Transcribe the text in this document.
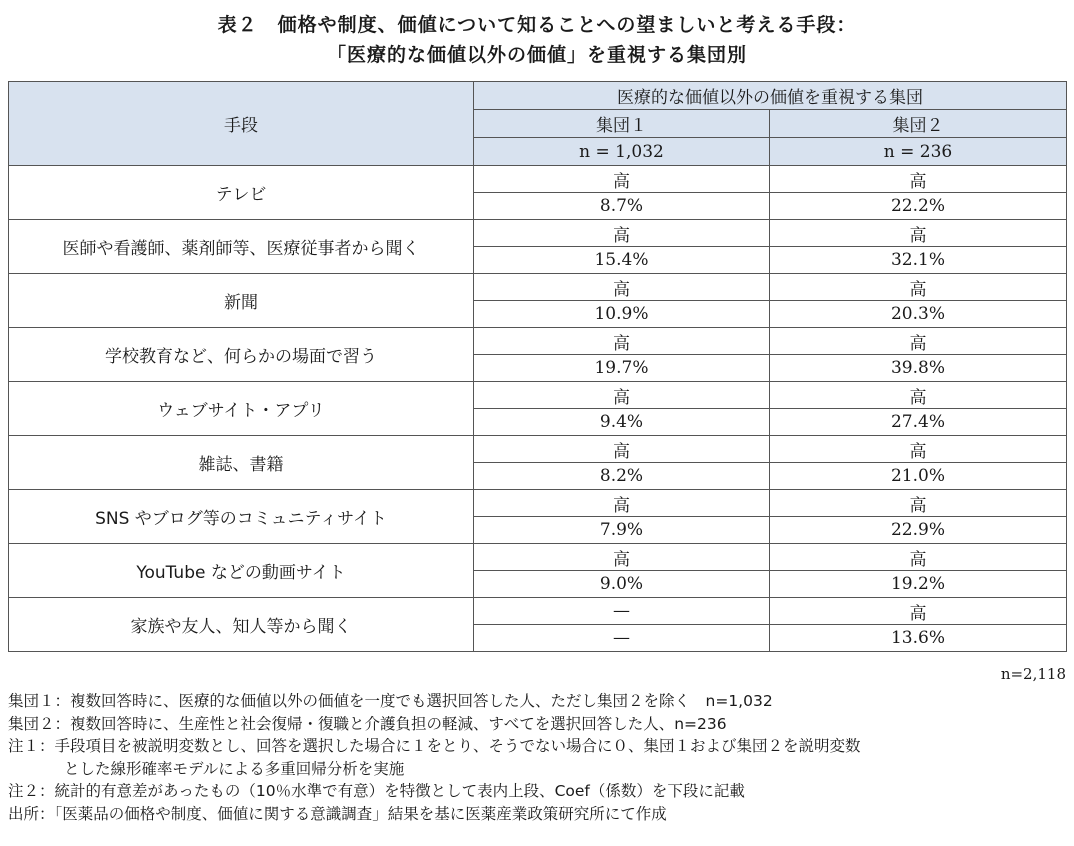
表２　価格や制度、価値について知ることへの望ましいと考える手段：
「医療的な価値以外の価値」を重視する集団別
手段	医療的な価値以外の価値を重視する集団	
	集団１	集団２
	n = 1,032	n = 236
テレビ	高	高
	8.7%	22.2%
医師や看護師、薬剤師等、医療従事者から聞く	高	高
	15.4%	32.1%
新聞	高	高
	10.9%	20.3%
学校教育など、何らかの場面で習う	高	高
	19.7%	39.8%
ウェブサイト・アプリ	高	高
	9.4%	27.4%
雑誌、書籍	高	高
	8.2%	21.0%
SNS やブログ等のコミュニティサイト	高	高
	7.9%	22.9%
YouTube などの動画サイト	高	高
	9.0%	19.2%
家族や友人、知人等から聞く	—	高
	—	13.6%
n=2,118
集団１：複数回答時に、医療的な価値以外の価値を一度でも選択回答した人、ただし集団２を除く　n=1,032
集団２：複数回答時に、生産性と社会復帰・復職と介護負担の軽減、すべてを選択回答した人、n=236
注１：手段項目を被説明変数とし、回答を選択した場合に１をとり、そうでない場合に０、集団１および集団２を説明変数
とした線形確率モデルによる多重回帰分析を実施
注２：統計的有意差があったもの（10％水準で有意）を特徴として表内上段、Coef（係数）を下段に記載
出所：「医薬品の価格や制度、価値に関する意識調査」結果を基に医薬産業政策研究所にて作成
